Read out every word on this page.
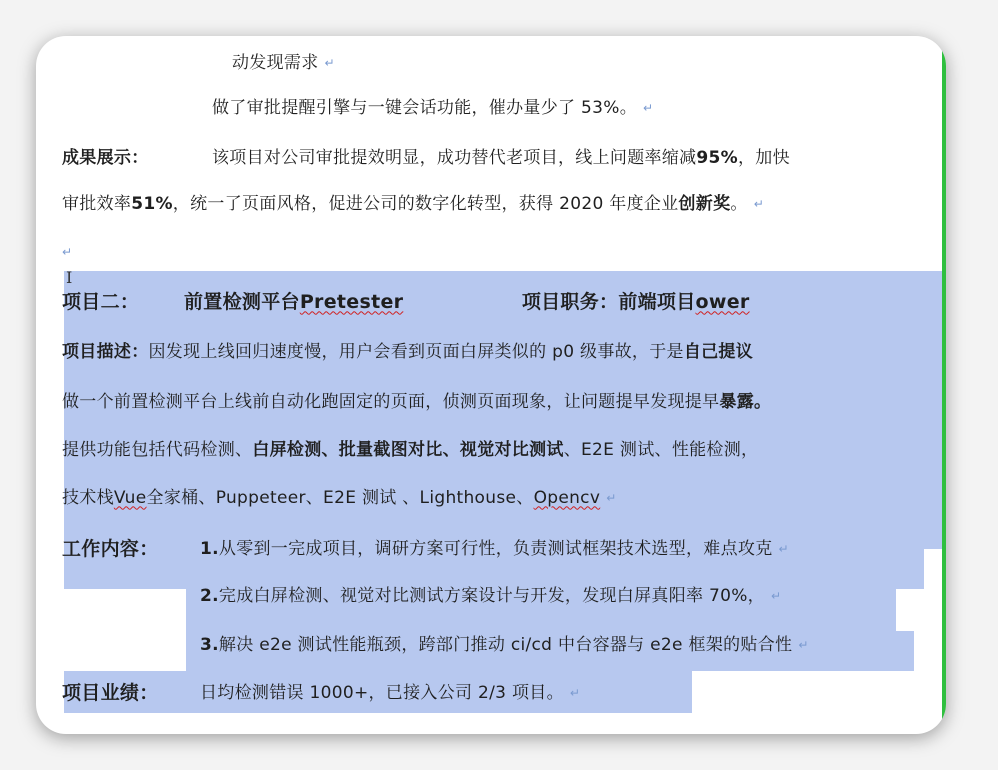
动发现需求 ↵
做了审批提醒引擎与一键会话功能，催办量少了 53%。 ↵
成果展示：	该项目对公司审批提效明显，成功替代老项目，线上问题率缩减 95% ，加快
审批效率 51% ，统一了页面风格，促进公司的数字化转型，获得 2020 年度企业 创新奖 。 ↵
↵
I
项目二：	前置检测平台 Pretester	项目职务：前端项目 ower
项目描述： 因发现上线回归速度慢，用户会看到页面白屏类似的 p0 级事故，于是 自己提议
做一个前置检测平台上线前自动化跑固定的页面，侦测页面现象，让问题提早发现提早 暴露。
提供功能包括代码检测、 白屏检测、批量截图对比、视觉对比测试 、E2E 测试、性能检测，
技术栈 Vue 全家桶、Puppeteer、E2E 测试 、Lighthouse、 Opencv ↵
工作内容：	1. 从零到一完成项目，调研方案可行性，负责测试框架技术选型，难点攻克 ↵
2. 完成白屏检测、视觉对比测试方案设计与开发，发现白屏真阳率 70%， ↵
3. 解决 e2e 测试性能瓶颈，跨部门推动 ci/cd 中台容器与 e2e 框架的贴合性 ↵
项目业绩：	日均检测错误 1000+，已接入公司 2/3 项目。 ↵
